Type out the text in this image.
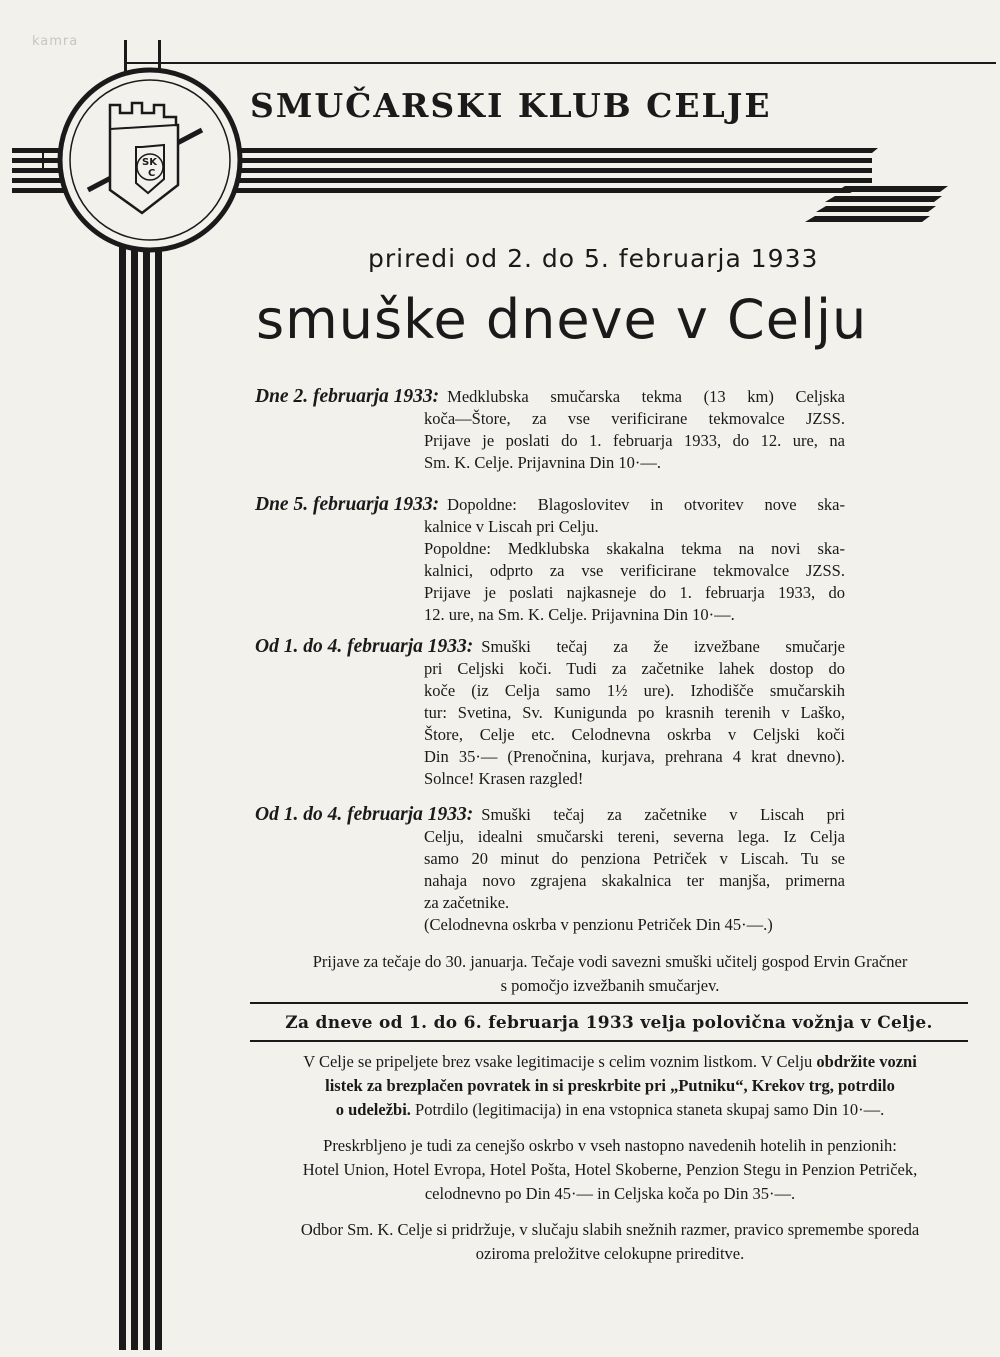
kamra
SK
C
SMUČARSKI KLUB CELJE
priredi od 2. do 5. februarja 1933
smuške dneve v Celju
Dne 2. februarja 1933: Medklubska smučarska tekma (13 km) Celjska
koča—Štore, za vse verificirane tekmovalce JZSS.
Prijave je poslati do 1. februarja 1933, do 12. ure, na
Sm. K. Celje. Prijavnina Din 10·—.
Dne 5. februarja 1933: Dopoldne: Blagoslovitev in otvoritev nove ska-
kalnice v Liscah pri Celju.
Popoldne: Medklubska skakalna tekma na novi ska-
kalnici, odprto za vse verificirane tekmovalce JZSS.
Prijave je poslati najkasneje do 1. februarja 1933, do
12. ure, na Sm. K. Celje. Prijavnina Din 10·—.
Od 1. do 4. februarja 1933: Smuški tečaj za že izvežbane smučarje
pri Celjski koči. Tudi za začetnike lahek dostop do
koče (iz Celja samo 1½ ure). Izhodišče smučarskih
tur: Svetina, Sv. Kunigunda po krasnih terenih v Laško,
Štore, Celje etc. Celodnevna oskrba v Celjski koči
Din 35·— (Prenočnina, kurjava, prehrana 4 krat dnevno).
Solnce! Krasen razgled!
Od 1. do 4. februarja 1933: Smuški tečaj za začetnike v Liscah pri
Celju, idealni smučarski tereni, severna lega. Iz Celja
samo 20 minut do penziona Petriček v Liscah. Tu se
nahaja novo zgrajena skakalnica ter manjša, primerna
za začetnike.
(Celodnevna oskrba v penzionu Petriček Din 45·—.)
Prijave za tečaje do 30. januarja. Tečaje vodi savezni smuški učitelj gospod Ervin Gračner
s pomočjo izvežbanih smučarjev.
Za dneve od 1. do 6. februarja 1933 velja polovična vožnja v Celje.
V Celje se pripeljete brez vsake legitimacije s celim voznim listkom. V Celju obdržite vozni
listek za brezplačen povratek in si preskrbite pri „Putniku“, Krekov trg, potrdilo
o udeležbi. Potrdilo (legitimacija) in ena vstopnica staneta skupaj samo Din 10·—.
Preskrbljeno je tudi za cenejšo oskrbo v vseh nastopno navedenih hotelih in penzionih:
Hotel Union, Hotel Evropa, Hotel Pošta, Hotel Skoberne, Penzion Stegu in Penzion Petriček,
celodnevno po Din 45·— in Celjska koča po Din 35·—.
Odbor Sm. K. Celje si pridržuje, v slučaju slabih snežnih razmer, pravico spremembe sporeda
oziroma preložitve celokupne prireditve.
